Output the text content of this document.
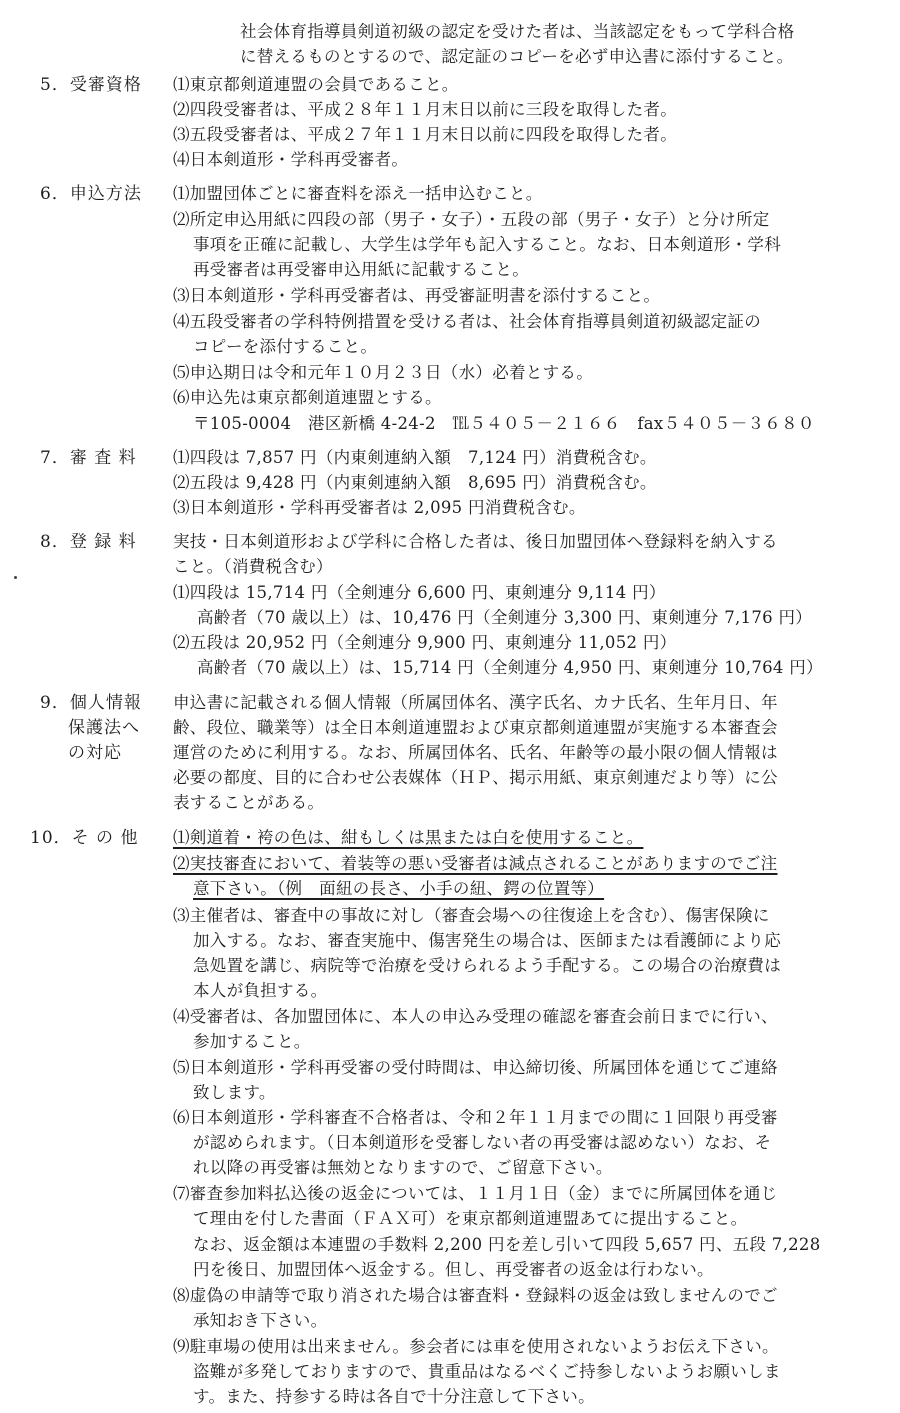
社会体育指導員剣道初級の認定を受けた者は、当該認定をもって学科合格
に替えるものとするので、認定証のコピーを必ず申込書に添付すること。
5．受審資格 ⑴東京都剣道連盟の会員であること。
⑵四段受審者は、平成２８年１１月末日以前に三段を取得した者。
⑶五段受審者は、平成２７年１１月末日以前に四段を取得した者。
⑷日本剣道形・学科再受審者。
6．申込方法 ⑴加盟団体ごとに審査料を添え一括申込むこと。
⑵所定申込用紙に四段の部（男子・女子）・五段の部（男子・女子）と分け所定
事項を正確に記載し、大学生は学年も記入すること。なお、日本剣道形・学科
再受審者は再受審申込用紙に記載すること。
⑶日本剣道形・学科再受審者は、再受審証明書を添付すること。
⑷五段受審者の学科特例措置を受ける者は、社会体育指導員剣道初級認定証の
コピーを添付すること。
⑸申込期日は令和元年１０月２３日（水）必着とする。
⑹申込先は東京都剣道連盟とする。
〒105-0004　港区新橋 4-24-2　℡５４０５－２１６６　fax５４０５－３６８０
7．審 査 料 ⑴四段は 7,857 円（内東剣連納入額　7,124 円）消費税含む。
⑵五段は 9,428 円（内東剣連納入額　8,695 円）消費税含む。
⑶日本剣道形・学科再受審者は 2,095 円消費税含む。
8．登 録 料 実技・日本剣道形および学科に合格した者は、後日加盟団体へ登録料を納入する
こと。（消費税含む）
⑴四段は 15,714 円（全剣連分 6,600 円、東剣連分 9,114 円）
高齢者（70 歳以上）は、10,476 円（全剣連分 3,300 円、東剣連分 7,176 円）
⑵五段は 20,952 円（全剣連分 9,900 円、東剣連分 11,052 円）
高齢者（70 歳以上）は、15,714 円（全剣連分 4,950 円、東剣連分 10,764 円）
9．個人情報
保護法へ
の対応
申込書に記載される個人情報（所属団体名、漢字氏名、カナ氏名、生年月日、年
齢、段位、職業等）は全日本剣道連盟および東京都剣道連盟が実施する本審査会
運営のために利用する。なお、所属団体名、氏名、年齢等の最小限の個人情報は
必要の都度、目的に合わせ公表媒体（ＨＰ、掲示用紙、東京剣連だより等）に公
表することがある。
10．そ の 他 ⑴剣道着・袴の色は、紺もしくは黒または白を使用すること。
⑵実技審査において、着装等の悪い受審者は減点されることがありますのでご注
意下さい。（例　面紐の長さ、小手の紐、鍔の位置等）
⑶主催者は、審査中の事故に対し（審査会場への往復途上を含む）、傷害保険に
加入する。なお、審査実施中、傷害発生の場合は、医師または看護師により応
急処置を講じ、病院等で治療を受けられるよう手配する。この場合の治療費は
本人が負担する。
⑷受審者は、各加盟団体に、本人の申込み受理の確認を審査会前日までに行い、
参加すること。
⑸日本剣道形・学科再受審の受付時間は、申込締切後、所属団体を通じてご連絡
致します。
⑹日本剣道形・学科審査不合格者は、令和２年１１月までの間に１回限り再受審
が認められます。（日本剣道形を受審しない者の再受審は認めない）なお、そ
れ以降の再受審は無効となりますので、ご留意下さい。
⑺審査参加料払込後の返金については、１１月１日（金）までに所属団体を通じ
て理由を付した書面（ＦＡＸ可）を東京都剣道連盟あてに提出すること。
なお、返金額は本連盟の手数料 2,200 円を差し引いて四段 5,657 円、五段 7,228
円を後日、加盟団体へ返金する。但し、再受審者の返金は行わない。
⑻虚偽の申請等で取り消された場合は審査料・登録料の返金は致しませんのでご
承知おき下さい。
⑼駐車場の使用は出来ません。参会者には車を使用されないようお伝え下さい。
盗難が多発しておりますので、貴重品はなるべくご持参しないようお願いしま
す。また、持参する時は各自で十分注意して下さい。
